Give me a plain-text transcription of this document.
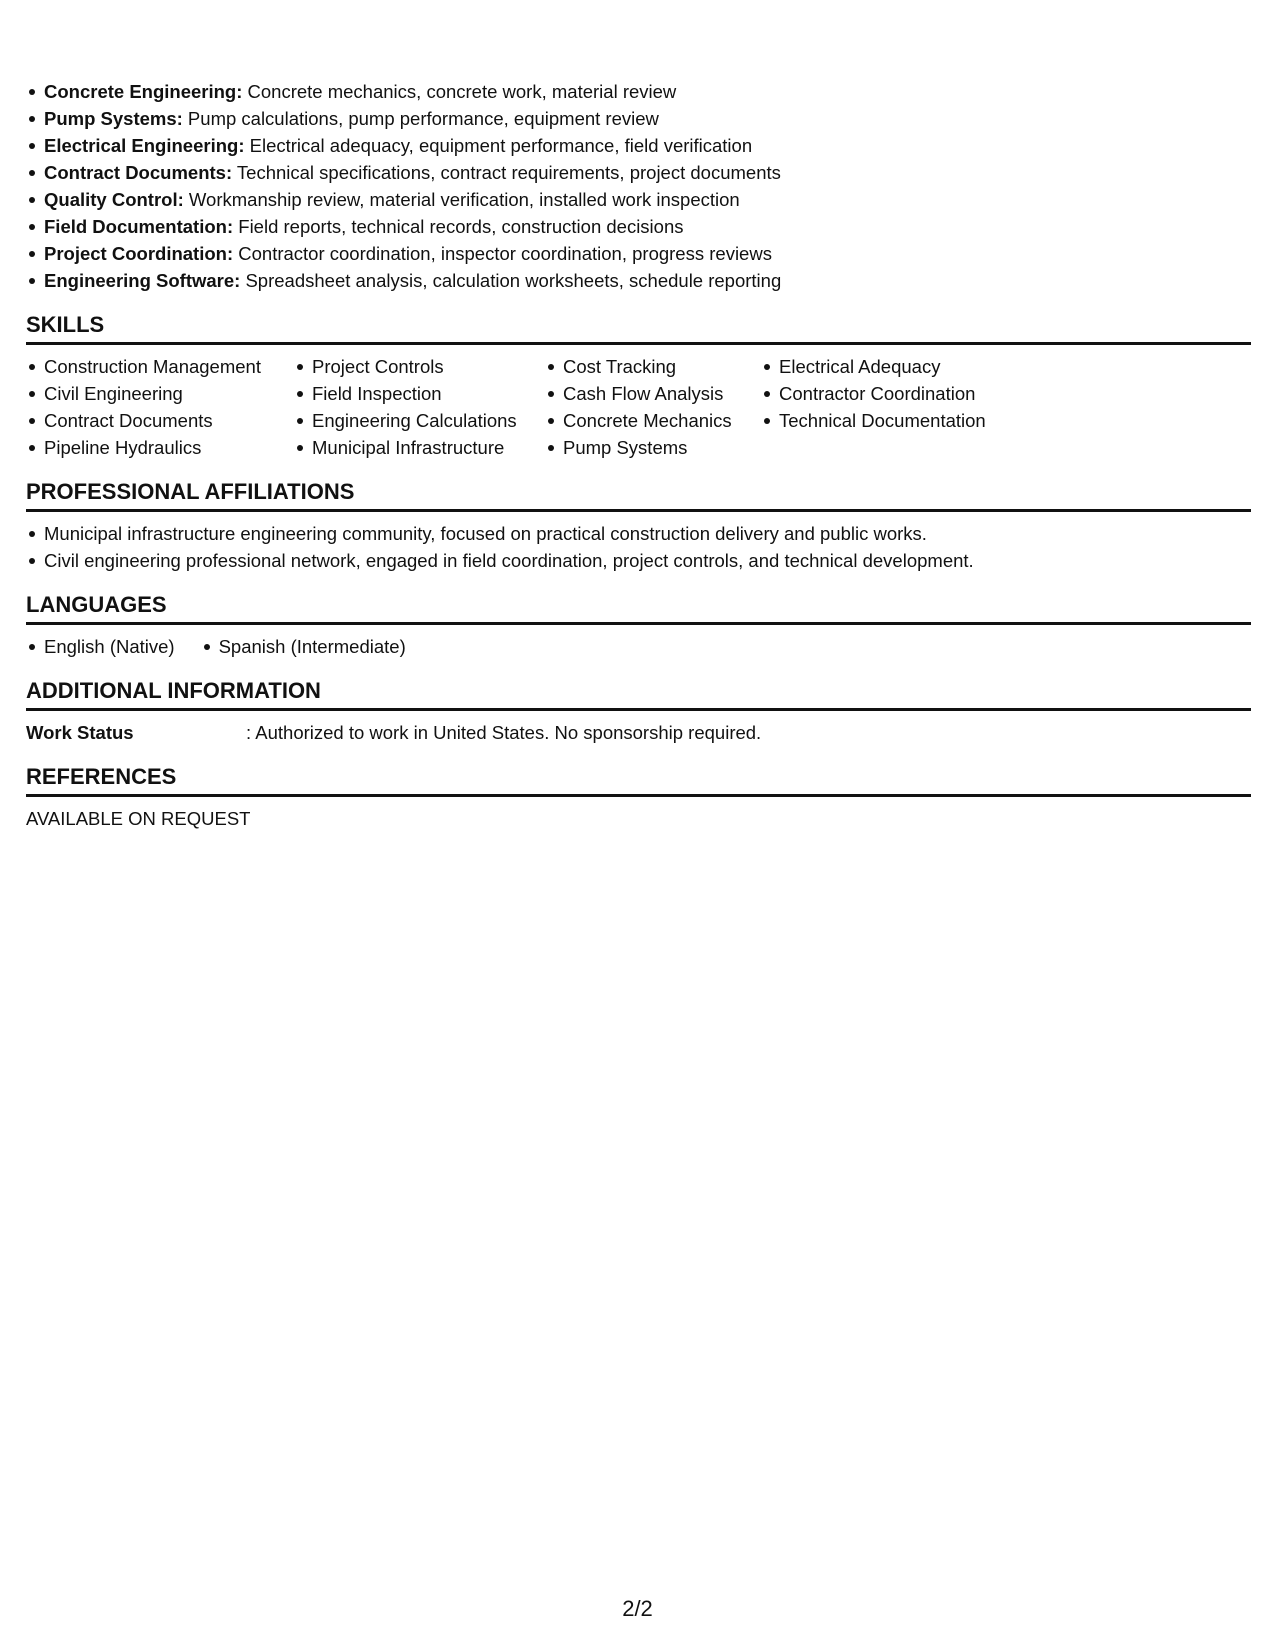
Concrete Engineering: Concrete mechanics, concrete work, material review
Pump Systems: Pump calculations, pump performance, equipment review
Electrical Engineering: Electrical adequacy, equipment performance, field verification
Contract Documents: Technical specifications, contract requirements, project documents
Quality Control: Workmanship review, material verification, installed work inspection
Field Documentation: Field reports, technical records, construction decisions
Project Coordination: Contractor coordination, inspector coordination, progress reviews
Engineering Software: Spreadsheet analysis, calculation worksheets, schedule reporting
SKILLS
Construction Management
Civil Engineering
Contract Documents
Pipeline Hydraulics
Project Controls
Field Inspection
Engineering Calculations
Municipal Infrastructure
Cost Tracking
Cash Flow Analysis
Concrete Mechanics
Pump Systems
Electrical Adequacy
Contractor Coordination
Technical Documentation
PROFESSIONAL AFFILIATIONS
Municipal infrastructure engineering community, focused on practical construction delivery and public works.
Civil engineering professional network, engaged in field coordination, project controls, and technical development.
LANGUAGES
English (Native)	Spanish (Intermediate)
ADDITIONAL INFORMATION
Work Status	: Authorized to work in United States. No sponsorship required.
REFERENCES
AVAILABLE ON REQUEST
2/2
